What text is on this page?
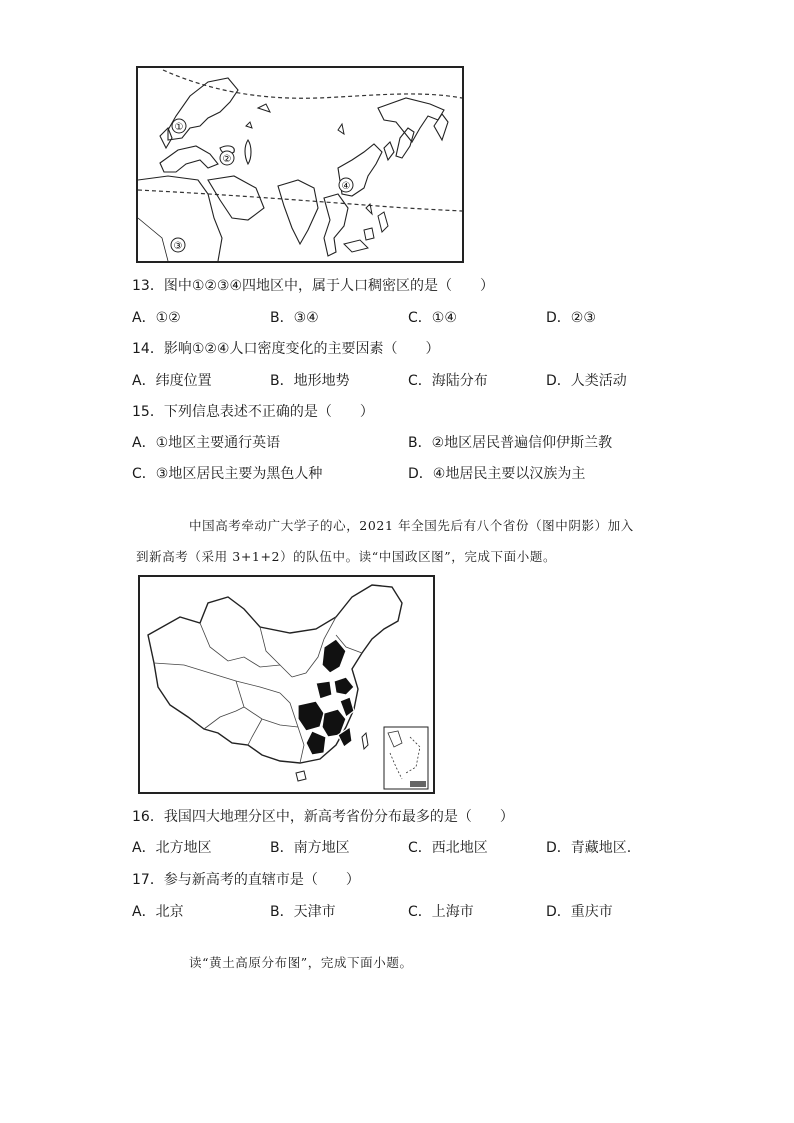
①
②
③
④
13．图中①②③④四地区中，属于人口稠密区的是（　　）
A．①②	B．③④	C．①④	D．②③
14．影响①②④人口密度变化的主要因素（　　）
A．纬度位置	B．地形地势	C．海陆分布	D．人类活动
15．下列信息表述不正确的是（　　）
A．①地区主要通行英语	B．②地区居民普遍信仰伊斯兰教
C．③地区居民主要为黑色人种	D．④地居民主要以汉族为主
中国高考牵动广大学子的心，2021 年全国先后有八个省份（图中阴影）加入
到新高考（采用 3+1+2）的队伍中。读“中国政区图”，完成下面小题。
16．我国四大地理分区中，新高考省份分布最多的是（　　）
A．北方地区	B．南方地区	C．西北地区	D．青藏地区.
17．参与新高考的直辖市是（　　）
A．北京	B．天津市	C．上海市	D．重庆市
读“黄土高原分布图”，完成下面小题。
